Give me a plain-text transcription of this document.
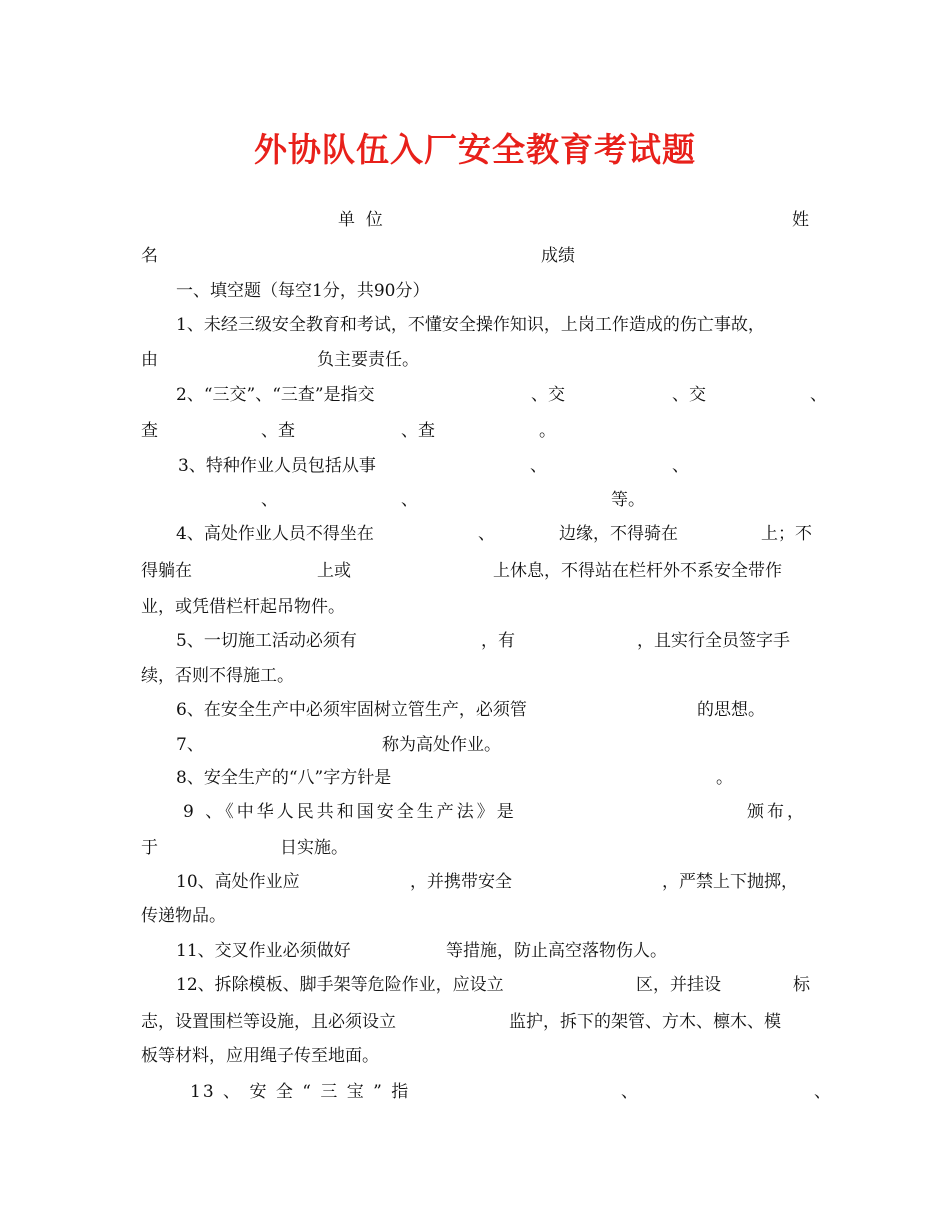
外协队伍入厂安全教育考试题
单  位	姓
名	成绩
一、填空题（每空1分，共90分）
1、未经三级安全教育和考试，不懂安全操作知识，上岗工作造成的伤亡事故，
由	负主要责任。
2、“三交”、“三查”是指交	、交	、交	、
查	、查	、查	。
3、特种作业人员包括从事	、	、
、	、	等。
4、高处作业人员不得坐在	、	边缘，不得骑在	上；不
得躺在	上或	上休息，不得站在栏杆外不系安全带作
业，或凭借栏杆起吊物件。
5、一切施工活动必须有	，有	，且实行全员签字手
续，否则不得施工。
6、在安全生产中必须牢固树立管生产，必须管	的思想。
7、	称为高处作业。
8、安全生产的“八”字方针是	。
9 、《中华人民共和国安全生产法》是	颁布，
于	日实施。
10、高处作业应	，并携带安全	，严禁上下抛掷，
传递物品。
11、交叉作业必须做好	等措施，防止高空落物伤人。
12、拆除模板、脚手架等危险作业，应设立	区，并挂设	标
志，设置围栏等设施，且必须设立	监护，拆下的架管、方木、檩木、模
板等材料，应用绳子传至地面。
13 、 安 全 “ 三 宝 ” 指	、	、
